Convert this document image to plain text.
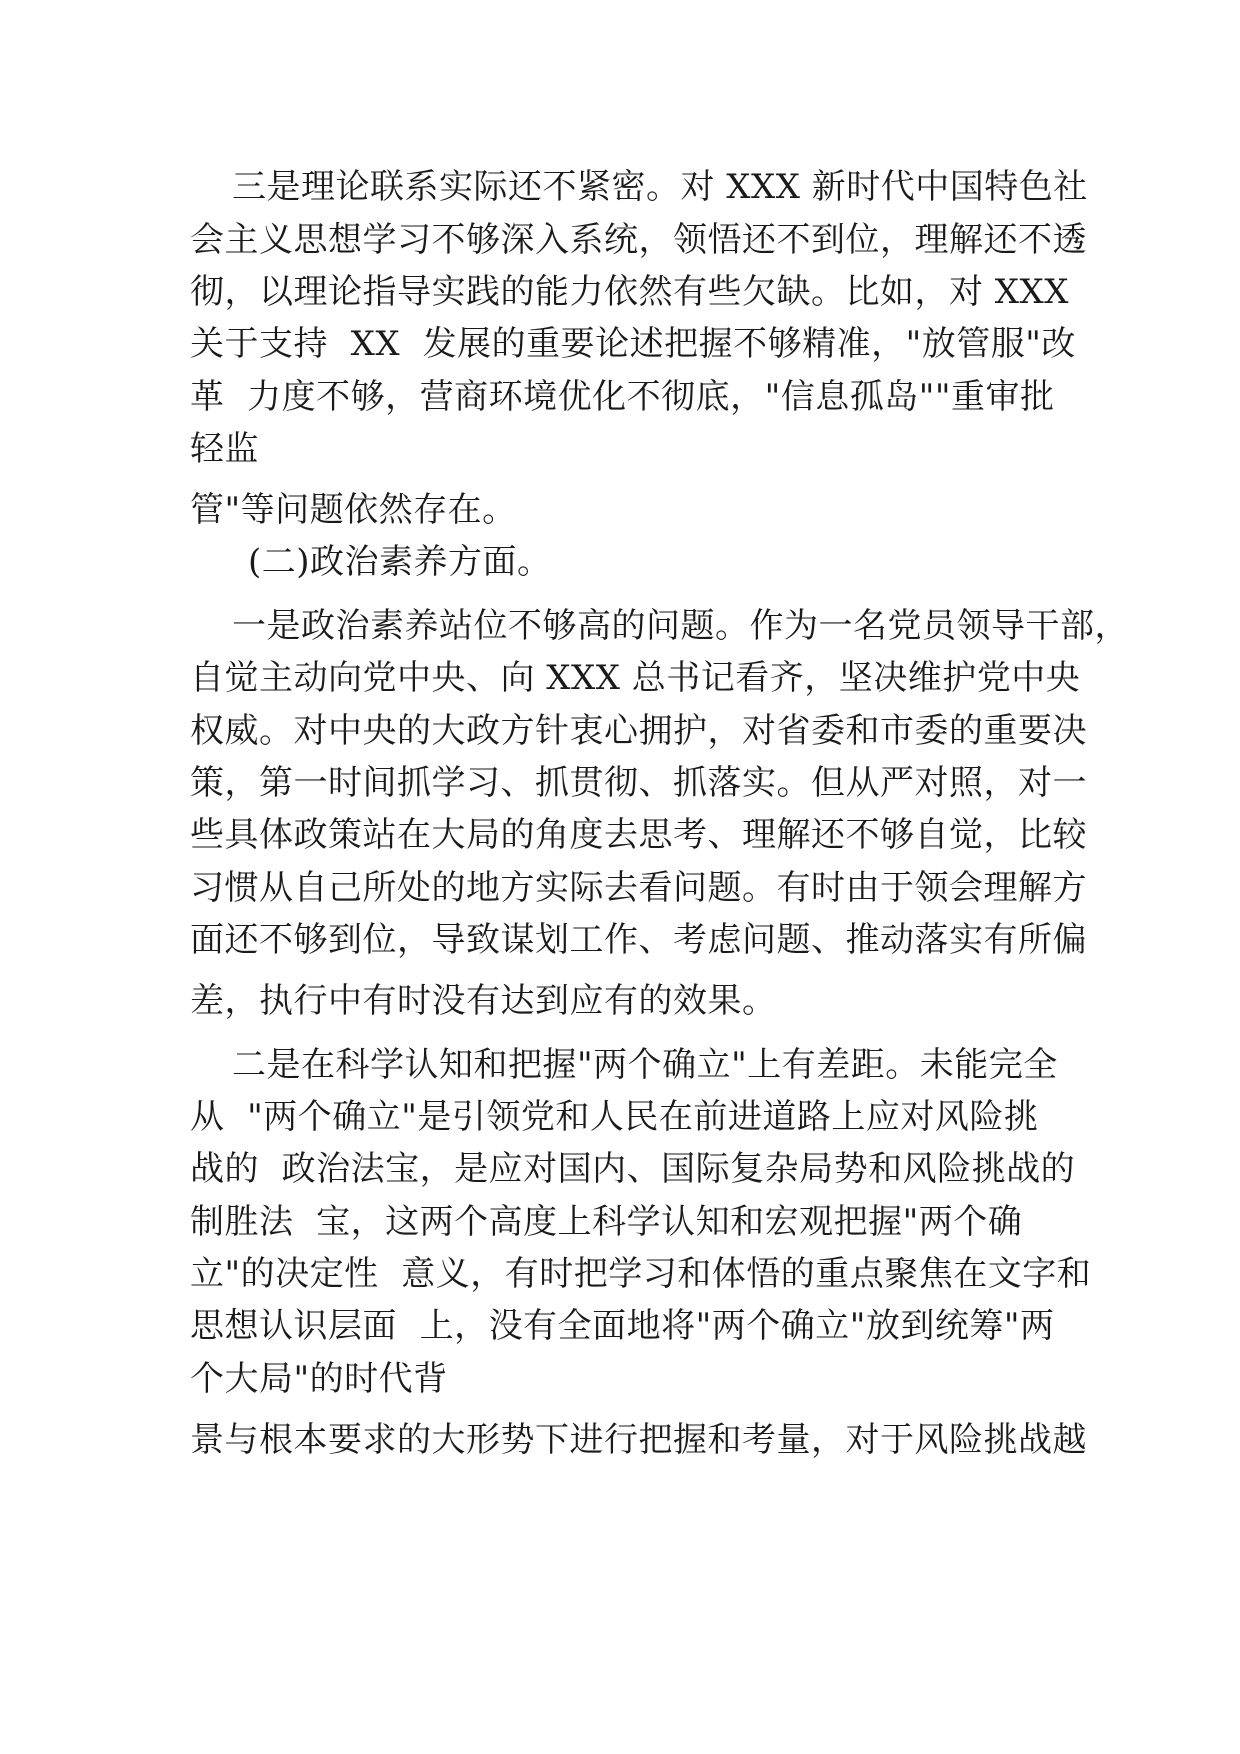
三是理论联系实际还不紧密。对 XXX 新时代中国特色社

会主义思想学习不够深入系统，领悟还不到位，理解还不透

彻，以理论指导实践的能力依然有些欠缺。比如，对 XXX

关于支持  XX  发展的重要论述把握不够精准，"放管服"改

革  力度不够，营商环境优化不彻底，"信息孤岛""重审批

轻监

管"等问题依然存在。

(二)政治素养方面。

一是政治素养站位不够高的问题。作为一名党员领导干部，

自觉主动向党中央、向 XXX 总书记看齐，坚决维护党中央

权威。对中央的大政方针衷心拥护，对省委和市委的重要决

策，第一时间抓学习、抓贯彻、抓落实。但从严对照，对一

些具体政策站在大局的角度去思考、理解还不够自觉，比较

习惯从自己所处的地方实际去看问题。有时由于领会理解方

面还不够到位，导致谋划工作、考虑问题、推动落实有所偏

差，执行中有时没有达到应有的效果。

二是在科学认知和把握"两个确立"上有差距。未能完全

从  "两个确立"是引领党和人民在前进道路上应对风险挑

战的  政治法宝，是应对国内、国际复杂局势和风险挑战的

制胜法  宝，这两个高度上科学认知和宏观把握"两个确

立"的决定性  意义，有时把学习和体悟的重点聚焦在文字和

思想认识层面  上，没有全面地将"两个确立"放到统筹"两

个大局"的时代背

景与根本要求的大形势下进行把握和考量，对于风险挑战越
